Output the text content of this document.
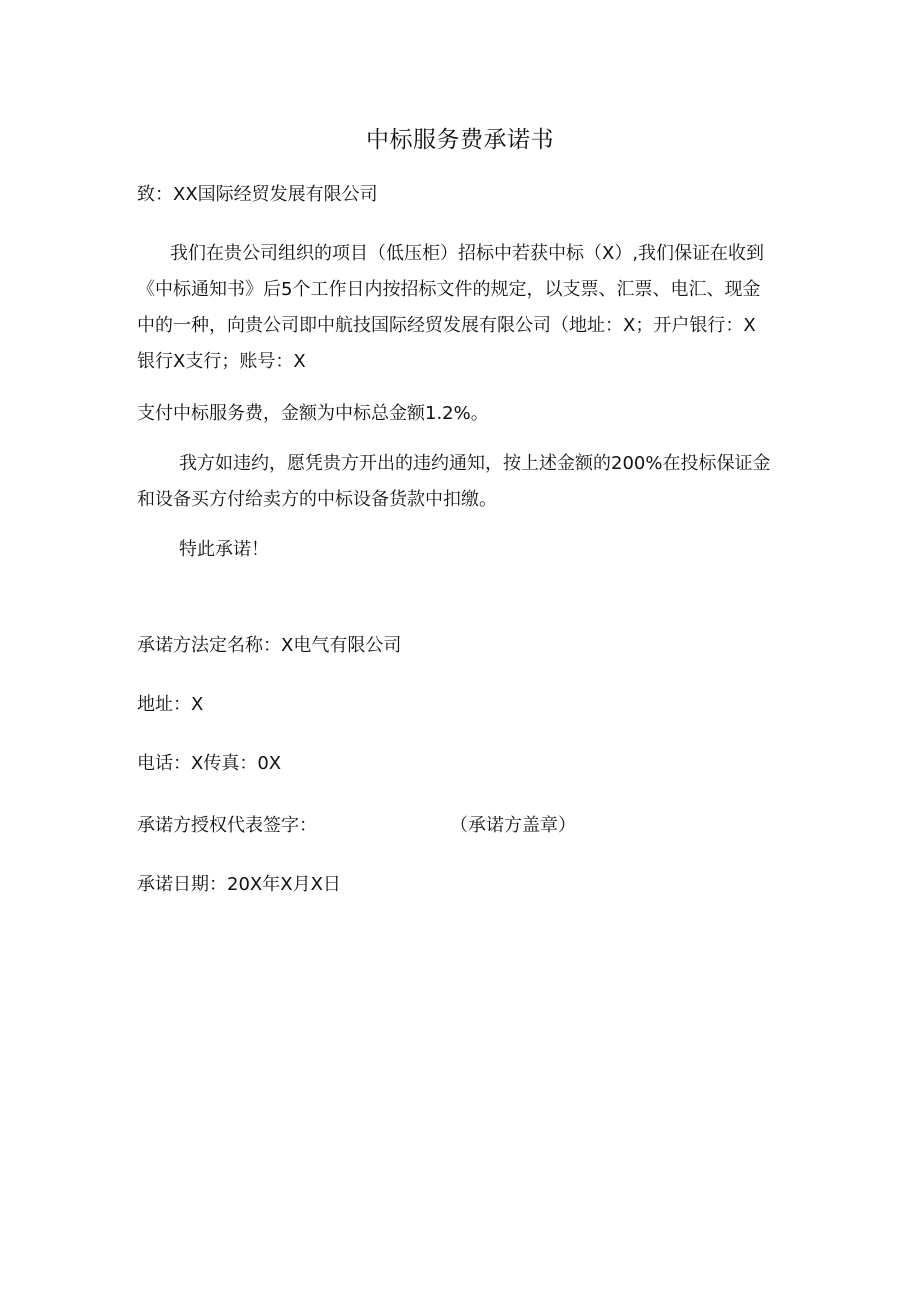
中标服务费承诺书
致：XX国际经贸发展有限公司
我们在贵公司组织的项目（低压柜）招标中若获中标（X）,我们保证在收到
《中标通知书》后5个工作日内按招标文件的规定，以支票、汇票、电汇、现金
中的一种，向贵公司即中航技国际经贸发展有限公司（地址：X；开户银行：X
银行X支行；账号：X
支付中标服务费，金额为中标总金额1.2%。
我方如违约，愿凭贵方开出的违约通知，按上述金额的200%在投标保证金
和设备买方付给卖方的中标设备货款中扣缴。
特此承诺！
承诺方法定名称：X电气有限公司
地址：X
电话：X传真：0X
承诺方授权代表签字：	（承诺方盖章）
承诺日期：20X年X月X日
